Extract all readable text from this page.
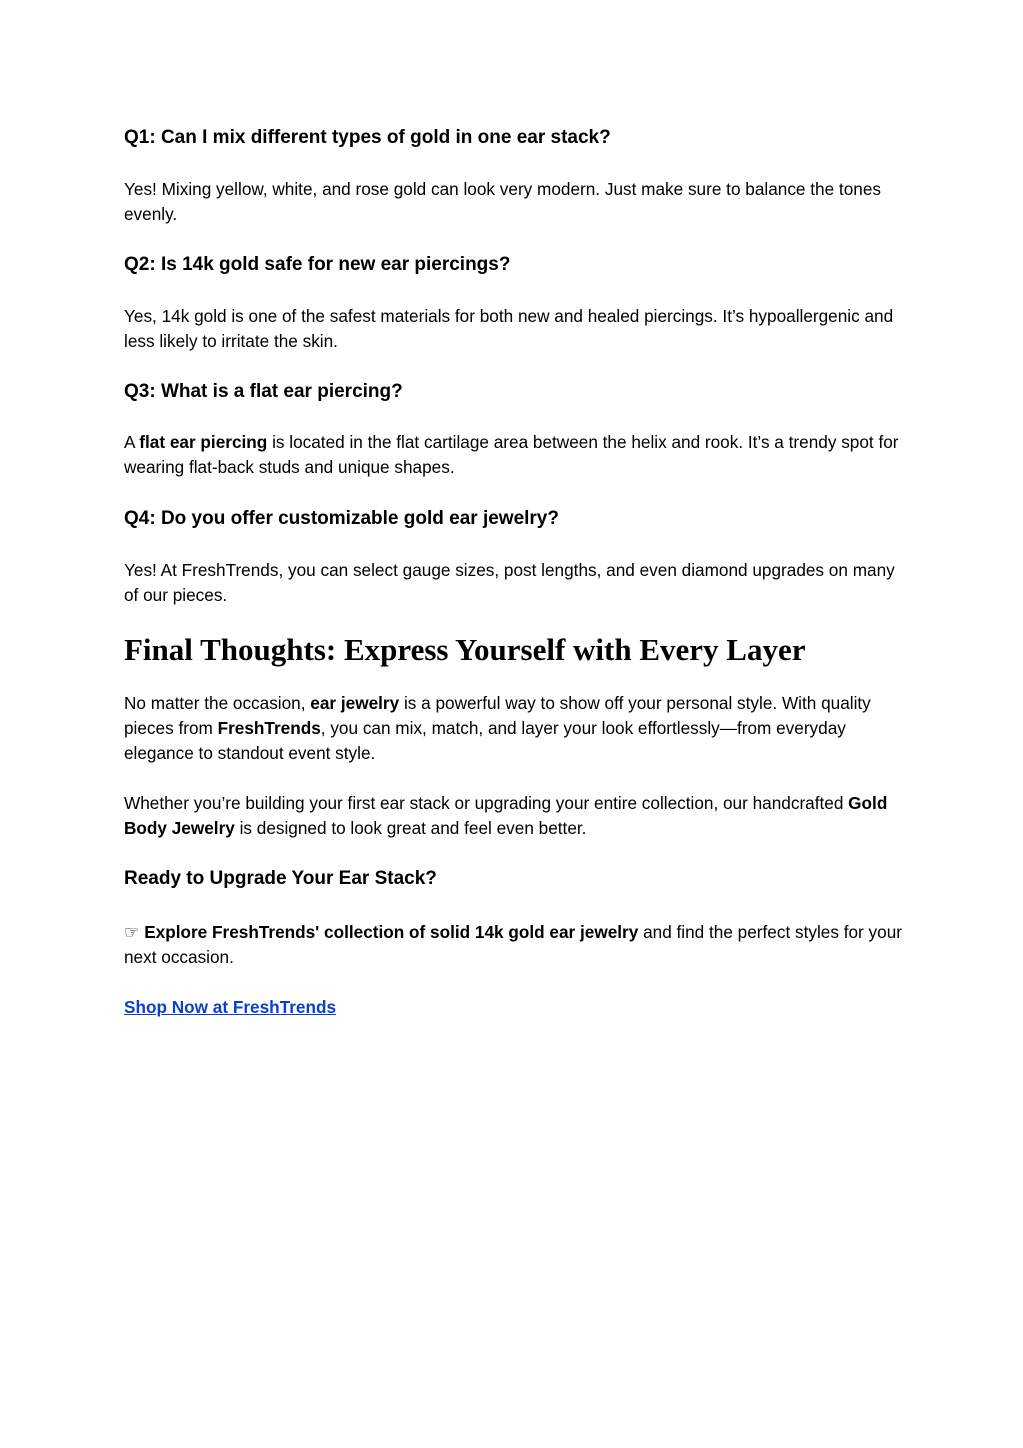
Q1: Can I mix different types of gold in one ear stack?
Yes! Mixing yellow, white, and rose gold can look very modern. Just make sure to balance the tones evenly.
Q2: Is 14k gold safe for new ear piercings?
Yes, 14k gold is one of the safest materials for both new and healed piercings. It’s hypoallergenic and less likely to irritate the skin.
Q3: What is a flat ear piercing?
A flat ear piercing is located in the flat cartilage area between the helix and rook. It’s a trendy spot for wearing flat-back studs and unique shapes.
Q4: Do you offer customizable gold ear jewelry?
Yes! At FreshTrends, you can select gauge sizes, post lengths, and even diamond upgrades on many of our pieces.
Final Thoughts: Express Yourself with Every Layer
No matter the occasion, ear jewelry is a powerful way to show off your personal style. With quality pieces from FreshTrends, you can mix, match, and layer your look effortlessly—from everyday elegance to standout event style.
Whether you’re building your first ear stack or upgrading your entire collection, our handcrafted Gold Body Jewelry is designed to look great and feel even better.
Ready to Upgrade Your Ear Stack?
☞ Explore FreshTrends' collection of solid 14k gold ear jewelry and find the perfect styles for your next occasion.
Shop Now at FreshTrends
